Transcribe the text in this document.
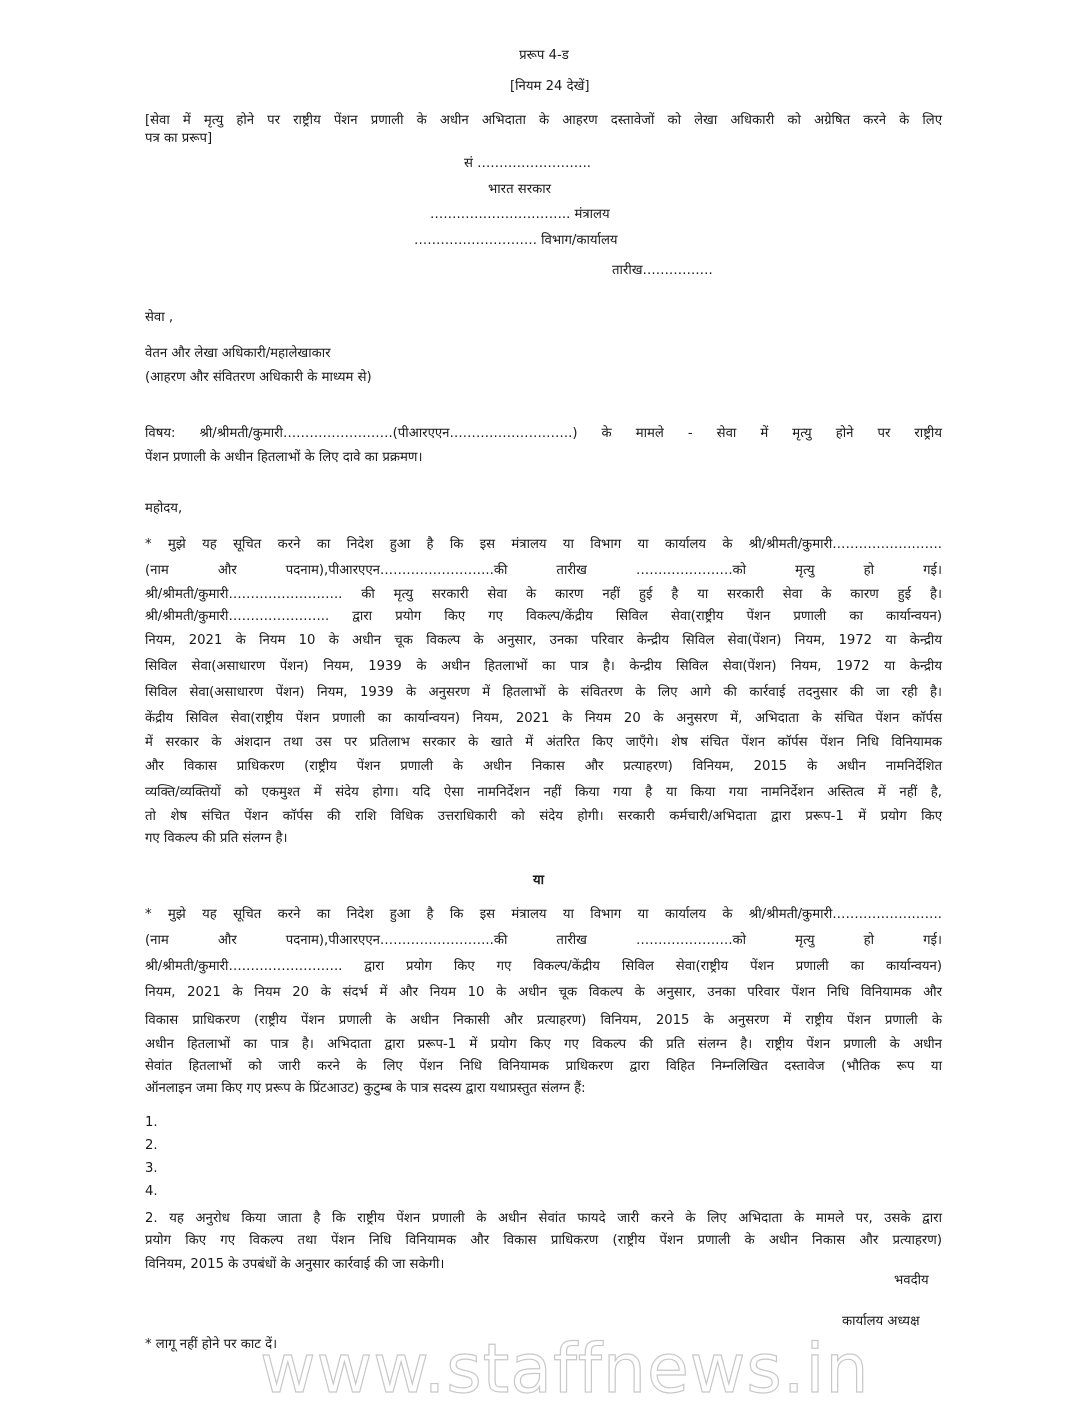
प्ररूप 4-ड
[नियम 24 देखें]
[सेवा में मृत्यु होने पर राष्ट्रीय पेंशन प्रणाली के अधीन अभिदाता के आहरण दस्तावेजों को लेखा अधिकारी को अग्रेषित करने के लिए
पत्र का प्ररूप]
सं ……………………..
भारत सरकार
………………………….. मंत्रालय
………………………. विभाग/कार्यालय
तारीख…………….
सेवा ,
वेतन और लेखा अधिकारी/महालेखाकार
(आहरण और संवितरण अधिकारी के माध्यम से)
विषय: श्री/श्रीमती/कुमारी…………………….(पीआरएएन……………………….) के मामले - सेवा में मृत्यु होने पर राष्ट्रीय
पेंशन प्रणाली के अधीन हितलाभों के लिए दावे का प्रक्रमण।
महोदय,
* मुझे यह सूचित करने का निदेश हुआ है कि इस मंत्रालय या विभाग या कार्यालय के श्री/श्रीमती/कुमारी…………………….
(नाम और पदनाम),पीआरएएन……………………..की तारीख ………………….को मृत्यु हो गई।
श्री/श्रीमती/कुमारी…………………….. की मृत्यु सरकारी सेवा के कारण नहीं हुई है या सरकारी सेवा के कारण हुई है।
श्री/श्रीमती/कुमारी………………….. द्वारा प्रयोग किए गए विकल्प/केंद्रीय सिविल सेवा(राष्ट्रीय पेंशन प्रणाली का कार्यान्वयन)
नियम, 2021 के नियम 10 के अधीन चूक विकल्प के अनुसार, उनका परिवार केन्द्रीय सिविल सेवा(पेंशन) नियम, 1972 या केन्द्रीय
सिविल सेवा(असाधारण पेंशन) नियम, 1939 के अधीन हितलाभों का पात्र है। केन्द्रीय सिविल सेवा(पेंशन) नियम, 1972 या केन्द्रीय
सिविल सेवा(असाधारण पेंशन) नियम, 1939 के अनुसरण में हितलाभों के संवितरण के लिए आगे की कार्रवाई तदनुसार की जा रही है।
केंद्रीय सिविल सेवा(राष्ट्रीय पेंशन प्रणाली का कार्यान्वयन) नियम, 2021 के नियम 20 के अनुसरण में, अभिदाता के संचित पेंशन कॉर्पस
में सरकार के अंशदान तथा उस पर प्रतिलाभ सरकार के खाते में अंतरित किए जाएँगे। शेष संचित पेंशन कॉर्पस पेंशन निधि विनियामक
और विकास प्राधिकरण (राष्ट्रीय पेंशन प्रणाली के अधीन निकास और प्रत्याहरण) विनियम, 2015 के अधीन नामनिर्देशित
व्यक्ति/व्यक्तियों को एकमुश्त में संदेय होगा। यदि ऐसा नामनिर्देशन नहीं किया गया है या किया गया नामनिर्देशन अस्तित्व में नहीं है,
तो शेष संचित पेंशन कॉर्पस की राशि विधिक उत्तराधिकारी को संदेय होगी। सरकारी कर्मचारी/अभिदाता द्वारा प्ररूप-1 में प्रयोग किए
गए विकल्प की प्रति संलग्न है।
या
* मुझे यह सूचित करने का निदेश हुआ है कि इस मंत्रालय या विभाग या कार्यालय के श्री/श्रीमती/कुमारी…………………….
(नाम और पदनाम),पीआरएएन……………………..की तारीख ………………….को मृत्यु हो गई।
श्री/श्रीमती/कुमारी…………………….. द्वारा प्रयोग किए गए विकल्प/केंद्रीय सिविल सेवा(राष्ट्रीय पेंशन प्रणाली का कार्यान्वयन)
नियम, 2021 के नियम 20 के संदर्भ में और नियम 10 के अधीन चूक विकल्प के अनुसार, उनका परिवार पेंशन निधि विनियामक और
विकास प्राधिकरण (राष्ट्रीय पेंशन प्रणाली के अधीन निकासी और प्रत्याहरण) विनियम, 2015 के अनुसरण में राष्ट्रीय पेंशन प्रणाली के
अधीन हितलाभों का पात्र है। अभिदाता द्वारा प्ररूप-1 में प्रयोग किए गए विकल्प की प्रति संलग्न है। राष्ट्रीय पेंशन प्रणाली के अधीन
सेवांत हितलाभों को जारी करने के लिए पेंशन निधि विनियामक प्राधिकरण द्वारा विहित निम्नलिखित दस्तावेज (भौतिक रूप या
ऑनलाइन जमा किए गए प्ररूप के प्रिंटआउट) कुटुम्ब के पात्र सदस्य द्वारा यथाप्रस्तुत संलग्न हैं:
1.
2.
3.
4.
2. यह अनुरोध किया जाता है कि राष्ट्रीय पेंशन प्रणाली के अधीन सेवांत फायदे जारी करने के लिए अभिदाता के मामले पर, उसके द्वारा
प्रयोग किए गए विकल्प तथा पेंशन निधि विनियामक और विकास प्राधिकरण (राष्ट्रीय पेंशन प्रणाली के अधीन निकास और प्रत्याहरण)
विनियम, 2015 के उपबंधों के अनुसार कार्रवाई की जा सकेगी।
भवदीय
कार्यालय अध्यक्ष
* लागू नहीं होने पर काट दें।
www.staffnews.in
